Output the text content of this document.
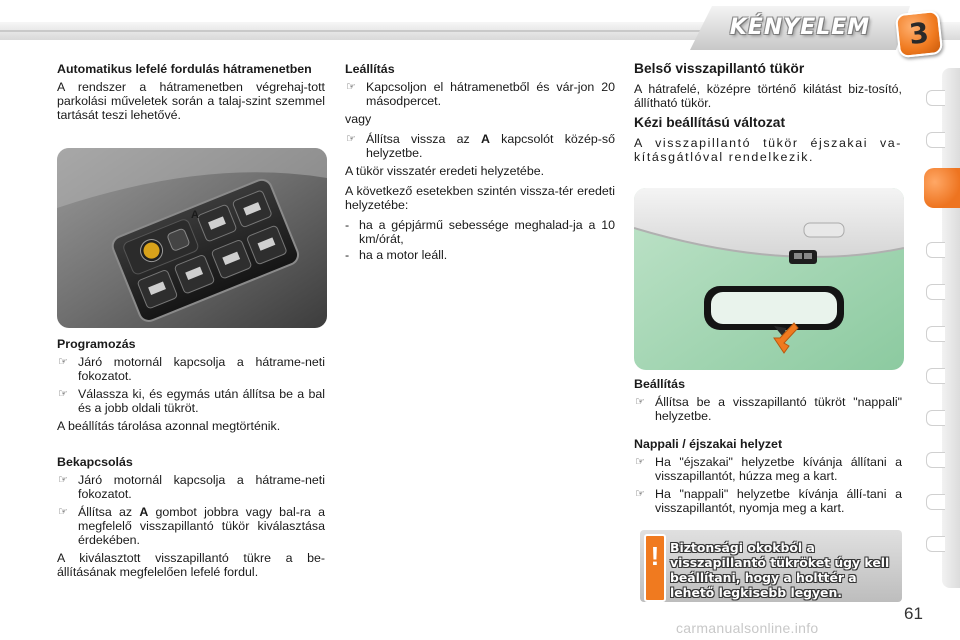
KÉNYELEM	3
Automatikus lefelé fordulás hátramenetben

A rendszer a hátramenetben végrehaj-tott parkolási műveletek során a talaj-szint szemmel tartását teszi lehetővé.

A
Programozás
☞ Járó motornál kapcsolja a hátrame-neti fokozatot.
☞ Válassza ki, és egymás után állítsa be a bal és a jobb oldali tükröt.

A beállítás tárolása azonnal megtörténik.

Bekapcsolás
☞ Járó motornál kapcsolja a hátrame-neti fokozatot.
☞ Állítsa az A gombot jobbra vagy bal-ra a megfelelő visszapillantó tükör kiválasztása érdekében.

A kiválasztott visszapillantó tükre a be-állításának megfelelően lefelé fordul.

Leállítás
☞ Kapcsoljon el hátramenetből és vár-jon 20 másodpercet.

vagy

☞ Állítsa vissza az A kapcsolót közép-ső helyzetbe.

A tükör visszatér eredeti helyzetébe.

A következő esetekben szintén vissza-tér eredeti helyzetébe:

- ha a gépjármű sebessége meghalad-ja a 10 km/órát,
- ha a motor leáll.
Belső visszapillantó tükör

A hátrafelé, középre történő kilátást biz-tosító, állítható tükör.

Kézi beállítású változat

A visszapillantó tükör éjszakai va-kításgátlóval rendelkezik.

Beállítás
☞ Állítsa be a visszapillantó tükröt "nappali" helyzetbe.
Nappali / éjszakai helyzet
☞ Ha "éjszakai" helyzetbe kívánja állítani a visszapillantót, húzza meg a kart.
☞ Ha "nappali" helyzetbe kívánja állí-tani a visszapillantót, nyomja meg a kart.
! Biztonsági okokból a visszapillantó tükröket úgy kell beállítani, hogy a holttér a lehető legkisebb legyen.
61
carmanualsonline.info
